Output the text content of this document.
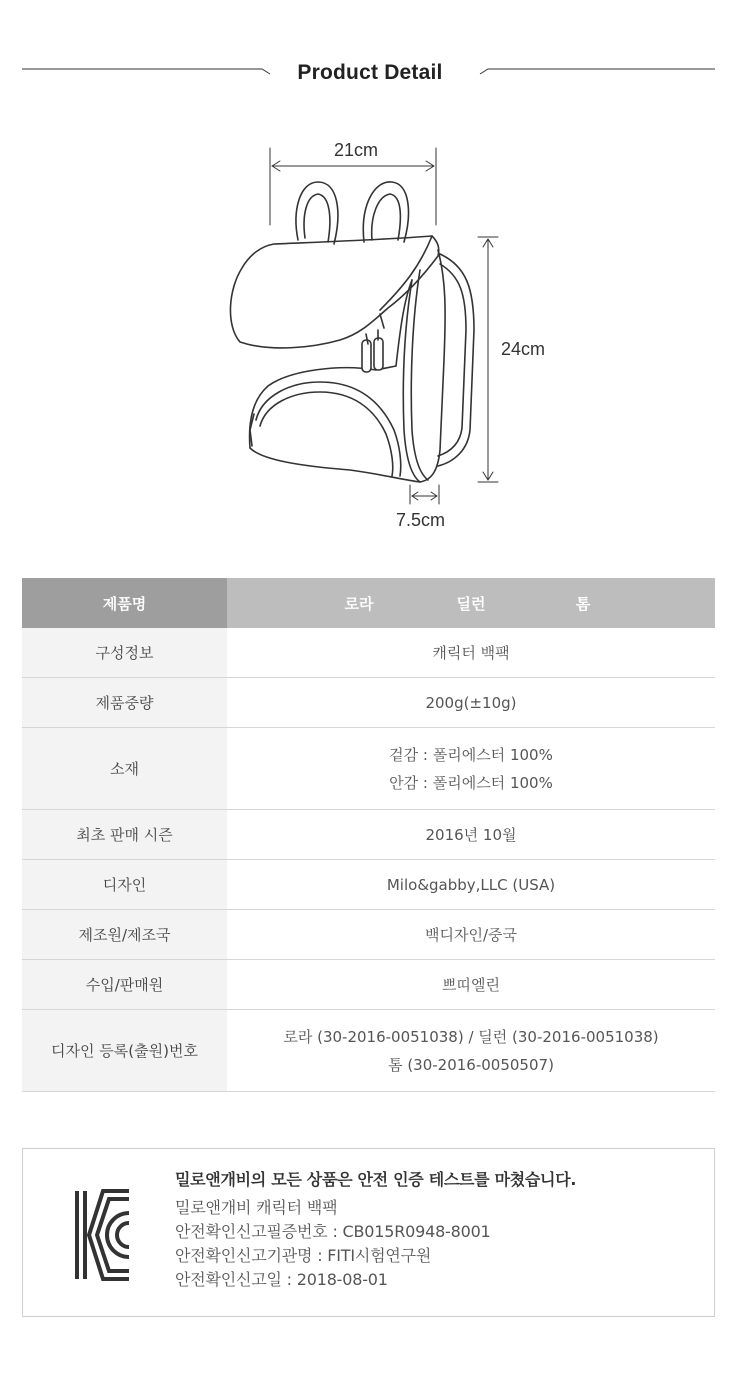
Product Detail
21cm
24cm
7.5cm
제품명	로라 딜런 톰

구성정보	캐릭터 백팩
제품중량	200g(±10g)
소재	겉감 : 폴리에스터 100%
안감 : 폴리에스터 100%

최초 판매 시즌	2016년 10월
디자인	Milo&gabby,LLC (USA)
제조원/제조국	백디자인/중국
수입/판매원	쁘띠엘린
디자인 등록(출원)번호	로라 (30-2016-0051038) / 딜런 (30-2016-0051038)
톰 (30-2016-0050507)
밀로앤개비의 모든 상품은 안전 인증 테스트를 마쳤습니다.
밀로앤개비 캐릭터 백팩
안전확인신고필증번호 : CB015R0948-8001
안전확인신고기관명 : FITI시험연구원
안전확인신고일 : 2018-08-01
